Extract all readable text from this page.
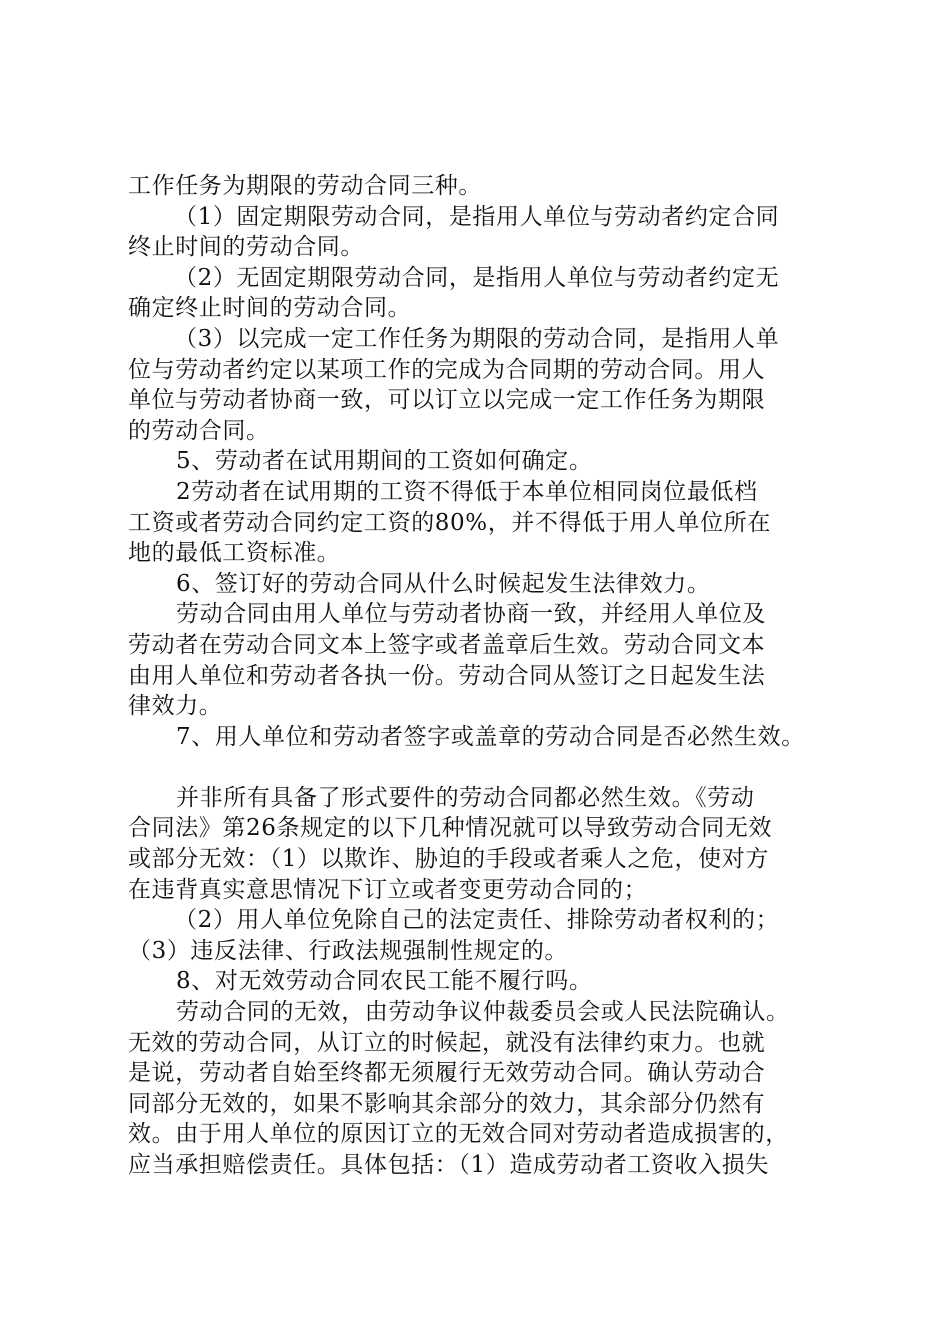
工作任务为期限的劳动合同三种。
（1）固定期限劳动合同，是指用人单位与劳动者约定合同
终止时间的劳动合同。
（2）无固定期限劳动合同，是指用人单位与劳动者约定无
确定终止时间的劳动合同。
（3）以完成一定工作任务为期限的劳动合同，是指用人单
位与劳动者约定以某项工作的完成为合同期的劳动合同。用人
单位与劳动者协商一致，可以订立以完成一定工作任务为期限
的劳动合同。
5、劳动者在试用期间的工资如何确定。
2劳动者在试用期的工资不得低于本单位相同岗位最低档
工资或者劳动合同约定工资的80%，并不得低于用人单位所在
地的最低工资标准。
6、签订好的劳动合同从什么时候起发生法律效力。
劳动合同由用人单位与劳动者协商一致，并经用人单位及
劳动者在劳动合同文本上签字或者盖章后生效。劳动合同文本
由用人单位和劳动者各执一份。劳动合同从签订之日起发生法
律效力。
7、用人单位和劳动者签字或盖章的劳动合同是否必然生效。
并非所有具备了形式要件的劳动合同都必然生效。《劳动
合同法》第26条规定的以下几种情况就可以导致劳动合同无效
或部分无效：（1）以欺诈、胁迫的手段或者乘人之危，使对方
在违背真实意思情况下订立或者变更劳动合同的；
（2）用人单位免除自己的法定责任、排除劳动者权利的；
（3）违反法律、行政法规强制性规定的。
8、对无效劳动合同农民工能不履行吗。
劳动合同的无效，由劳动争议仲裁委员会或人民法院确认。
无效的劳动合同，从订立的时候起，就没有法律约束力。也就
是说，劳动者自始至终都无须履行无效劳动合同。确认劳动合
同部分无效的，如果不影响其余部分的效力，其余部分仍然有
效。由于用人单位的原因订立的无效合同对劳动者造成损害的，
应当承担赔偿责任。具体包括：（1）造成劳动者工资收入损失
